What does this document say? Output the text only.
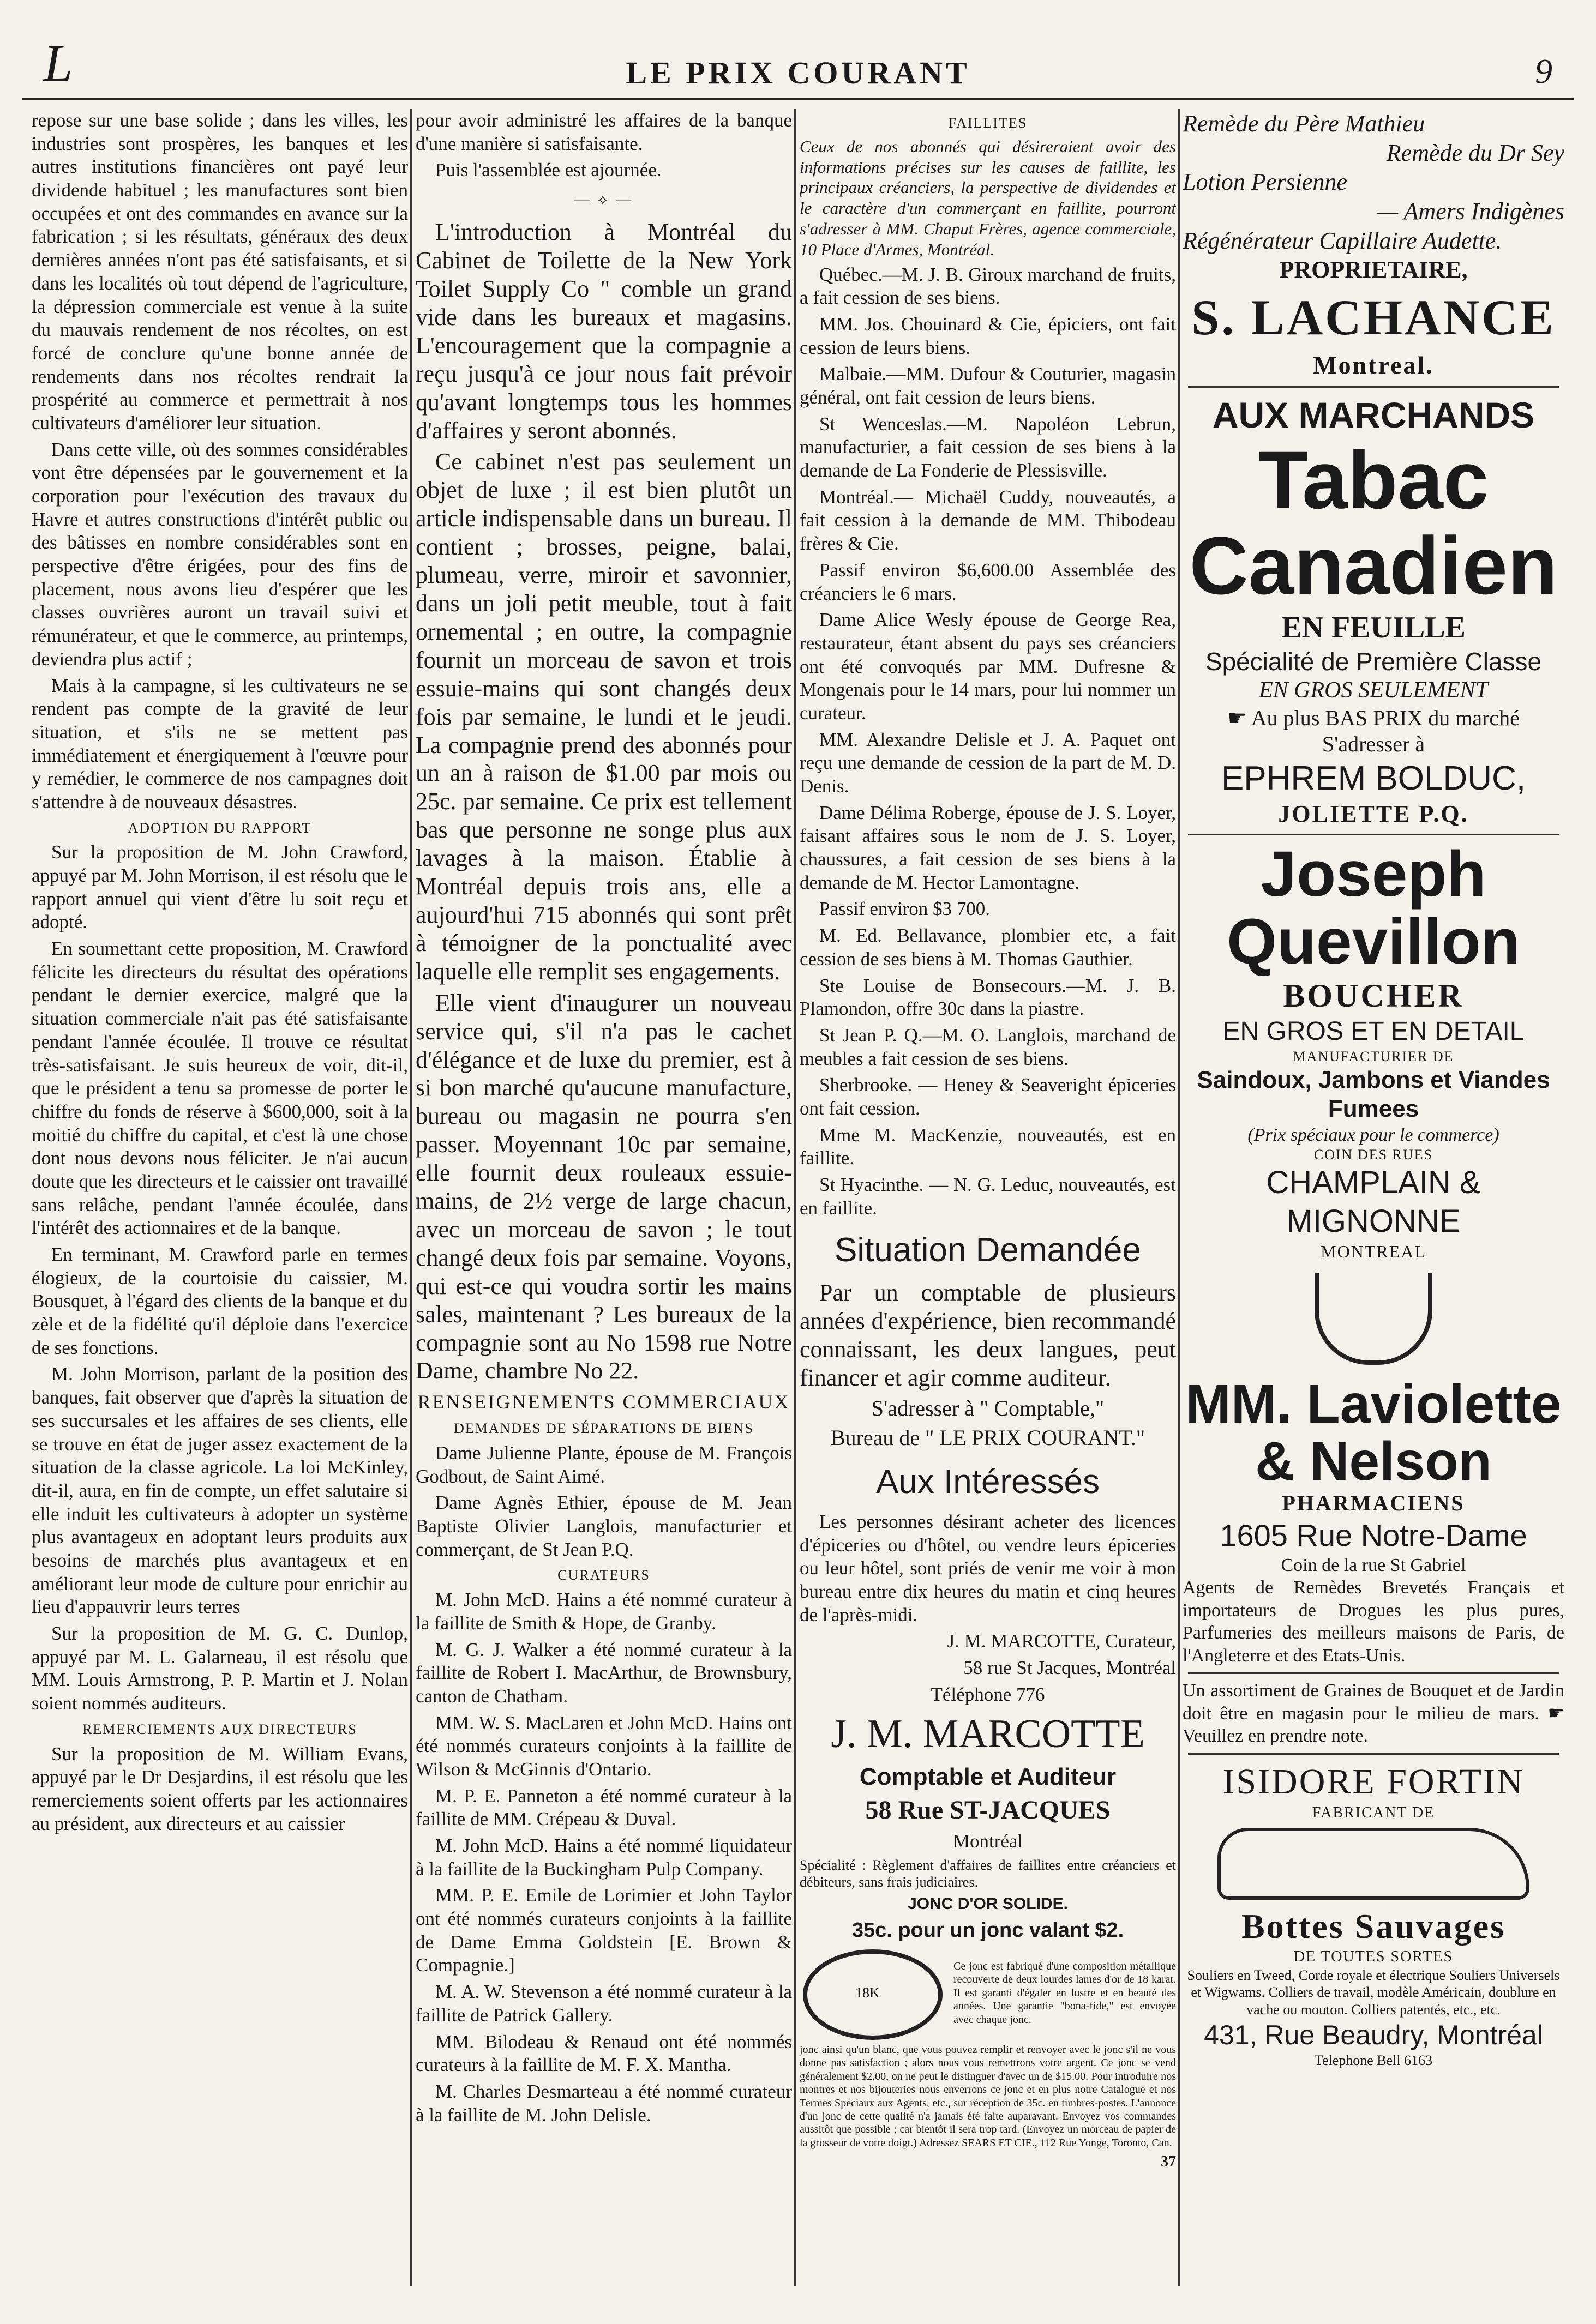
L	LE PRIX COURANT	9

repose sur une base solide ; dans les villes, les industries sont prospères, les banques et les autres institutions financières ont payé leur dividende habituel ; les manufactures sont bien occupées et ont des commandes en avance sur la fabrication ; si les résultats, généraux des deux dernières années n'ont pas été satisfaisants, et si dans les localités où tout dépend de l'agriculture, la dépression commerciale est venue à la suite du mauvais rendement de nos récoltes, on est forcé de conclure qu'une bonne année de rendements dans nos récoltes rendrait la prospérité au commerce et permettrait à nos cultivateurs d'améliorer leur situation.

Dans cette ville, où des sommes considérables vont être dépensées par le gouvernement et la corporation pour l'exécution des travaux du Havre et autres constructions d'intérêt public ou des bâtisses en nombre considérables sont en perspective d'être érigées, pour des fins de placement, nous avons lieu d'espérer que les classes ouvrières auront un travail suivi et rémunérateur, et que le commerce, au printemps, deviendra plus actif ;

Mais à la campagne, si les cultivateurs ne se rendent pas compte de la gravité de leur situation, et s'ils ne se mettent pas immédiatement et énergiquement à l'œuvre pour y remédier, le commerce de nos campagnes doit s'attendre à de nouveaux désastres.

ADOPTION DU RAPPORT

Sur la proposition de M. John Crawford, appuyé par M. John Morrison, il est résolu que le rapport annuel qui vient d'être lu soit reçu et adopté.

En soumettant cette proposition, M. Crawford félicite les directeurs du résultat des opérations pendant le dernier exercice, malgré que la situation commerciale n'ait pas été satisfaisante pendant l'année écoulée. Il trouve ce résultat très-satisfaisant. Je suis heureux de voir, dit-il, que le président a tenu sa promesse de porter le chiffre du fonds de réserve à $600,000, soit à la moitié du chiffre du capital, et c'est là une chose dont nous devons nous féliciter. Je n'ai aucun doute que les directeurs et le caissier ont travaillé sans relâche, pendant l'année écoulée, dans l'intérêt des actionnaires et de la banque.

En terminant, M. Crawford parle en termes élogieux, de la courtoisie du caissier, M. Bousquet, à l'égard des clients de la banque et du zèle et de la fidélité qu'il déploie dans l'exercice de ses fonctions.

M. John Morrison, parlant de la position des banques, fait observer que d'après la situation de ses succursales et les affaires de ses clients, elle se trouve en état de juger assez exactement de la situation de la classe agricole. La loi McKinley, dit-il, aura, en fin de compte, un effet salutaire si elle induit les cultivateurs à adopter un système plus avantageux en adoptant leurs produits aux besoins de marchés plus avantageux et en améliorant leur mode de culture pour enrichir au lieu d'appauvrir leurs terres

Sur la proposition de M. G. C. Dunlop, appuyé par M. L. Galarneau, il est résolu que MM. Louis Armstrong, P. P. Martin et J. Nolan soient nommés auditeurs.

REMERCIEMENTS AUX DIRECTEURS

Sur la proposition de M. William Evans, appuyé par le Dr Desjardins, il est résolu que les remerciements soient offerts par les actionnaires au président, aux directeurs et au caissier

pour avoir administré les affaires de la banque d'une manière si satisfaisante.

Puis l'assemblée est ajournée.

— ⟡ —

L'introduction à Montréal du Cabinet de Toilette de la New York Toilet Supply Co " comble un grand vide dans les bureaux et magasins. L'encouragement que la compagnie a reçu jusqu'à ce jour nous fait prévoir qu'avant longtemps tous les hommes d'affaires y seront abonnés.

Ce cabinet n'est pas seulement un objet de luxe ; il est bien plutôt un article indispensable dans un bureau. Il contient ; brosses, peigne, balai, plumeau, verre, miroir et savonnier, dans un joli petit meuble, tout à fait ornemental ; en outre, la compagnie fournit un morceau de savon et trois essuie-mains qui sont changés deux fois par semaine, le lundi et le jeudi. La compagnie prend des abonnés pour un an à raison de $1.00 par mois ou 25c. par semaine. Ce prix est tellement bas que personne ne songe plus aux lavages à la maison. Établie à Montréal depuis trois ans, elle a aujourd'hui 715 abonnés qui sont prêt à témoigner de la ponctualité avec laquelle elle remplit ses engagements.

Elle vient d'inaugurer un nouveau service qui, s'il n'a pas le cachet d'élégance et de luxe du premier, est à si bon marché qu'aucune manufacture, bureau ou magasin ne pourra s'en passer. Moyennant 10c par semaine, elle fournit deux rouleaux essuie-mains, de 2½ verge de large chacun, avec un morceau de savon ; le tout changé deux fois par semaine. Voyons, qui est-ce qui voudra sortir les mains sales, maintenant ? Les bureaux de la compagnie sont au No 1598 rue Notre Dame, chambre No 22.

RENSEIGNEMENTS COMMERCIAUX

DEMANDES DE SÉPARATIONS DE BIENS

Dame Julienne Plante, épouse de M. François Godbout, de Saint Aimé.

Dame Agnès Ethier, épouse de M. Jean Baptiste Olivier Langlois, manufacturier et commerçant, de St Jean P.Q.

CURATEURS

M. John McD. Hains a été nommé curateur à la faillite de Smith & Hope, de Granby.

M. G. J. Walker a été nommé curateur à la faillite de Robert I. MacArthur, de Brownsbury, canton de Chatham.

MM. W. S. MacLaren et John McD. Hains ont été nommés curateurs conjoints à la faillite de Wilson & McGinnis d'Ontario.

M. P. E. Panneton a été nommé curateur à la faillite de MM. Crépeau & Duval.

M. John McD. Hains a été nommé liquidateur à la faillite de la Buckingham Pulp Company.

MM. P. E. Emile de Lorimier et John Taylor ont été nommés curateurs conjoints à la faillite de Dame Emma Goldstein [E. Brown & Compagnie.]

M. A. W. Stevenson a été nommé curateur à la faillite de Patrick Gallery.

MM. Bilodeau & Renaud ont été nommés curateurs à la faillite de M. F. X. Mantha.

M. Charles Desmarteau a été nommé curateur à la faillite de M. John Delisle.

FAILLITES

Ceux de nos abonnés qui désireraient avoir des informations précises sur les causes de faillite, les principaux créanciers, la perspective de dividendes et le caractère d'un commerçant en faillite, pourront s'adresser à MM. Chaput Frères, agence commerciale, 10 Place d'Armes, Montréal.

Québec.—M. J. B. Giroux marchand de fruits, a fait cession de ses biens.

MM. Jos. Chouinard & Cie, épiciers, ont fait cession de leurs biens.

Malbaie.—MM. Dufour & Couturier, magasin général, ont fait cession de leurs biens.

St Wenceslas.—M. Napoléon Lebrun, manufacturier, a fait cession de ses biens à la demande de La Fonderie de Plessisville.

Montréal.— Michaël Cuddy, nouveautés, a fait cession à la demande de MM. Thibodeau frères & Cie.

Passif environ $6,600.00 Assemblée des créanciers le 6 mars.

Dame Alice Wesly épouse de George Rea, restaurateur, étant absent du pays ses créanciers ont été convoqués par MM. Dufresne & Mongenais pour le 14 mars, pour lui nommer un curateur.

MM. Alexandre Delisle et J. A. Paquet ont reçu une demande de cession de la part de M. D. Denis.

Dame Délima Roberge, épouse de J. S. Loyer, faisant affaires sous le nom de J. S. Loyer, chaussures, a fait cession de ses biens à la demande de M. Hector Lamontagne.

Passif environ $3 700.

M. Ed. Bellavance, plombier etc, a fait cession de ses biens à M. Thomas Gauthier.

Ste Louise de Bonsecours.—M. J. B. Plamondon, offre 30c dans la piastre.

St Jean P. Q.—M. O. Langlois, marchand de meubles a fait cession de ses biens.

Sherbrooke. — Heney & Seaveright épiceries ont fait cession.

Mme M. MacKenzie, nouveautés, est en faillite.

St Hyacinthe. — N. G. Leduc, nouveautés, est en faillite.

Situation Demandée

Par un comptable de plusieurs années d'expérience, bien recommandé connaissant, les deux langues, peut financer et agir comme auditeur.

S'adresser à " Comptable,"

Bureau de " LE PRIX COURANT."

Aux Intéressés

Les personnes désirant acheter des licences d'épiceries ou d'hôtel, ou vendre leurs épiceries ou leur hôtel, sont priés de venir me voir à mon bureau entre dix heures du matin et cinq heures de l'après-midi.

J. M. MARCOTTE, Curateur,

58 rue St Jacques, Montréal

Téléphone 776

J. M. MARCOTTE

Comptable et Auditeur

58 Rue ST-JACQUES

Montréal

Spécialité : Règlement d'affaires de faillites entre créanciers et débiteurs, sans frais judiciaires.

JONC D'OR SOLIDE.

35c. pour un jonc valant $2.

18K

Ce jonc est fabriqué d'une composition métallique recouverte de deux lourdes lames d'or de 18 karat. Il est garanti d'égaler en lustre et en beauté des années. Une garantie "bona-fide," est envoyée avec chaque jonc.

jonc ainsi qu'un blanc, que vous pouvez remplir et renvoyer avec le jonc s'il ne vous donne pas satisfaction ; alors nous vous remettrons votre argent. Ce jonc se vend généralement $2.00, on ne peut le distinguer d'avec un de $15.00. Pour introduire nos montres et nos bijouteries nous enverrons ce jonc et en plus notre Catalogue et nos Termes Spéciaux aux Agents, etc., sur réception de 35c. en timbres-postes. L'annonce d'un jonc de cette qualité n'a jamais été faite auparavant. Envoyez vos commandes aussitôt que possible ; car bientôt il sera trop tard. (Envoyez un morceau de papier de la grosseur de votre doigt.) Adressez SEARS ET CIE., 112 Rue Yonge, Toronto, Can.

37

Remède du Père Mathieu
Remède du Dr Sey
Lotion Persienne
— Amers Indigènes
Régénérateur Capillaire Audette.
PROPRIETAIRE,
S. LACHANCE
Montreal.
AUX MARCHANDS
Tabac Canadien
EN FEUILLE
Spécialité de Première Classe
EN GROS SEULEMENT
☛ Au plus BAS PRIX du marché
S'adresser à
EPHREM BOLDUC,
JOLIETTE P.Q.
Joseph Quevillon
BOUCHER
EN GROS ET EN DETAIL
MANUFACTURIER DE
Saindoux, Jambons et Viandes Fumees
(Prix spéciaux pour le commerce)
COIN DES RUES
CHAMPLAIN & MIGNONNE
MONTREAL
MM. Laviolette & Nelson
PHARMACIENS
1605 Rue Notre-Dame
Coin de la rue St Gabriel
Agents de Remèdes Brevetés Français et importateurs de Drogues les plus pures, Parfumeries des meilleurs maisons de Paris, de l'Angleterre et des Etats-Unis.
Un assortiment de Graines de Bouquet et de Jardin doit être en magasin pour le milieu de mars. ☛ Veuillez en prendre note.
ISIDORE FORTIN
FABRICANT DE
Bottes Sauvages
DE TOUTES SORTES
Souliers en Tweed, Corde royale et électrique Souliers Universels et Wigwams. Colliers de travail, modèle Américain, doublure en vache ou mouton. Colliers patentés, etc., etc.
431, Rue Beaudry, Montréal
Telephone Bell 6163
